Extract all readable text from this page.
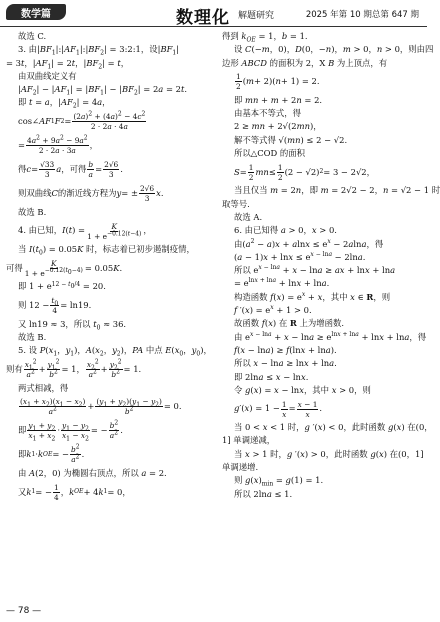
数学篇	数理化 解题研究	2025 年第 10 期总第 647 期
故选 C.
3. 由$|BF_1|:|AF_1|:|BF_2|$ = 3:2:1，设$|BF_1|$
= 3t，$|AF_1| = 2t$，$|BF_2| = t$，
由双曲线定义有
$|AF_2| - |AF_1| = |BF_1| - |BF_2| = 2a = 2t$.
即 t = a，$|AF_2| = 4a$，
cos∠ AF 1 F $2 = \frac{(2a)^2 + (4a)^2 - 4c^2}{2 \cdot 2a \cdot 4a}$
= $\frac{4a^2 + 9a^2 - 9a^2}{2 \cdot 2a \cdot 3a}$ ，
得 $c = \frac{√33}{3}$ a ，可得 $\frac{b}{a} = \frac{2√6}{3}$ .
则双曲线 C 的渐近线方程为 y = ± $\frac{2√6}{3}$ x .
故选 B.
4. 由已知， I ( t ) = $\frac{K}{1 + e^{-0.12(t-4)}}$ ，
当 $I(t_0) = 0.05K$ 时，标志着已初步遏制疫情，
可得 $\frac{K}{1 + e^{-0.12(t_0-4)}} = 0.05$ K .
即 $1 + e^{12 - t_0/4} = 20$.
则 $12 - \frac{t_0}{4} = \ln 19$.
又 ln19 ≈ 3，所以 $t_0 \approx 36$.
故选 B.
5. 设 $P(x_1$，$y_1$)，$A(x_2$，$y_2$)，PA 中点 $E(x_0$，$y_0$)，
则有 $\frac{x_1^2}{a^2} + \frac{y_1^2}{b^2} = 1$， $\frac{x_2^2}{a^2} + \frac{y_2^2}{b^2} = 1$.
两式相减，得
$\frac{(x_1 + x_2)(x_1 - x_2)}{a^2} + \frac{(y_1 + y_2)(y_1 - y_2)}{b^2} = 0$.
即 $\frac{y_1 + y_2}{x_1 + x_2} \cdot \frac{y_1 - y_2}{x_1 - x_2}$ = − $\frac{b^2}{a^2}$ .
即 k 1 · k OE = − $\frac{b^2}{a^2}$ .
由 A(2，0) 为椭圆右顶点，所以 a = 2.
又 k 1 = − $\frac{1}{4}$ ， k OE + 4 k 1 = 0，
得到 $k_{OE} = 1$，b = 1.
设 C(−m，0)，D(0，−n)，m > 0，n > 0，则由四
边形 ABCD 的面积为 2，X B 为上顶点，有
$\frac{1}{2}$ ( m + 2)( n + 1) = 2.
即 mn + m + 2n = 2.
由基本不等式，得
2 ≥ mn + 2√(2mn)，
解不等式得 √(mn) ≤ 2 − √2.
所以△COD 的面积
$S = \frac{1}{2}$ mn ≤ $\frac{1}{2} (2 - √2) 2 = 3 - 2√2$，
当且仅当 m = 2n，即 m = 2√2 − 2，n = √2 − 1 时
取等号.
故选 A.
6. 由已知得 a > 0，x > 0.
由$(a^2 - a)x + alnx \le e^x - 2alna$，得
$(a - 1)x + \ln x \le e^{x - lna} - 2\ln a$.
所以 $e^{x - lna} + x - \ln a$ ≥ ax + lnx + lna
= $e^{lnx + lna} + \ln x + \ln a$.
构造函数 $f(x) = e^x + x$，其中 x ∈ R，则
f $'(x) = e^x + 1 > 0$.
故函数 f(x) 在 R 上为增函数.
由 $e^{x - lna} + x - \ln a \ge e^{lnx + lna} + \ln x + \ln a$，得
f(x − lna) ≥ f(lnx + lna).
所以 x − lna ≥ lnx + lna.
即 2lna ≤ x − lnx.
令 g(x) = x − lnx，其中 x > 0，则
g ′( x ) = $1 - \frac{1}{x} = \frac{x - 1}{x}$ .
当 0 < x < 1 时，g ′(x) < 0，此时函数 g(x) 在(0，
1] 单调递减，
当 x > 1 时，g ′(x) > 0，此时函数 g(x) 在(0，1]
单调递增.
则 $g(x)_{min} = g(1) = 1$.
所以 2lna ≤ 1.
— 78 —
